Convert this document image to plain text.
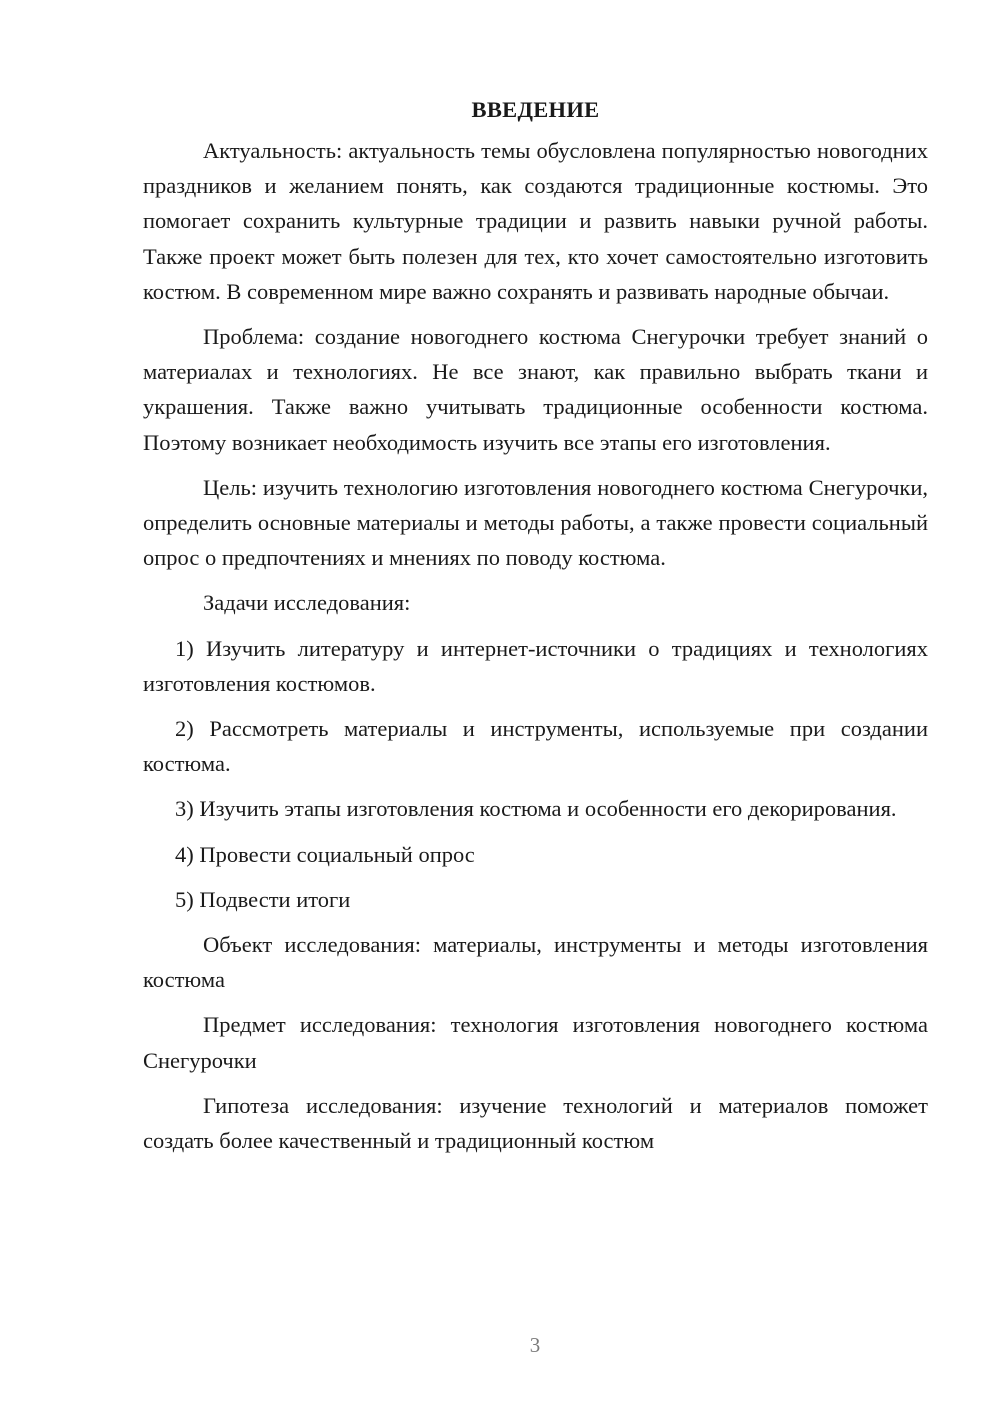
ВВЕДЕНИЕ

Актуальность: актуальность темы обусловлена популярностью новогодних праздников и желанием понять, как создаются традиционные костюмы. Это помогает сохранить культурные традиции и развить навыки ручной работы. Также проект может быть полезен для тех, кто хочет самостоятельно изготовить костюм. В современном мире важно сохранять и развивать народные обычаи.

Проблема: создание новогоднего костюма Снегурочки требует знаний о материалах и технологиях. Не все знают, как правильно выбрать ткани и украшения. Также важно учитывать традиционные особенности костюма. Поэтому возникает необходимость изучить все этапы его изготовления.

Цель: изучить технологию изготовления новогоднего костюма Снегурочки, определить основные материалы и методы работы, а также провести социальный опрос о предпочтениях и мнениях по поводу костюма.

Задачи исследования:

1) Изучить литературу и интернет-источники о традициях и технологиях изготовления костюмов.

2) Рассмотреть материалы и инструменты, используемые при создании костюма.

3) Изучить этапы изготовления костюма и особенности его декорирования.

4) Провести социальный опрос

5) Подвести итоги

Объект исследования: материалы, инструменты и методы изготовления костюма

Предмет исследования: технология изготовления новогоднего костюма Снегурочки

Гипотеза исследования: изучение технологий и материалов поможет создать более качественный и традиционный костюм

3
